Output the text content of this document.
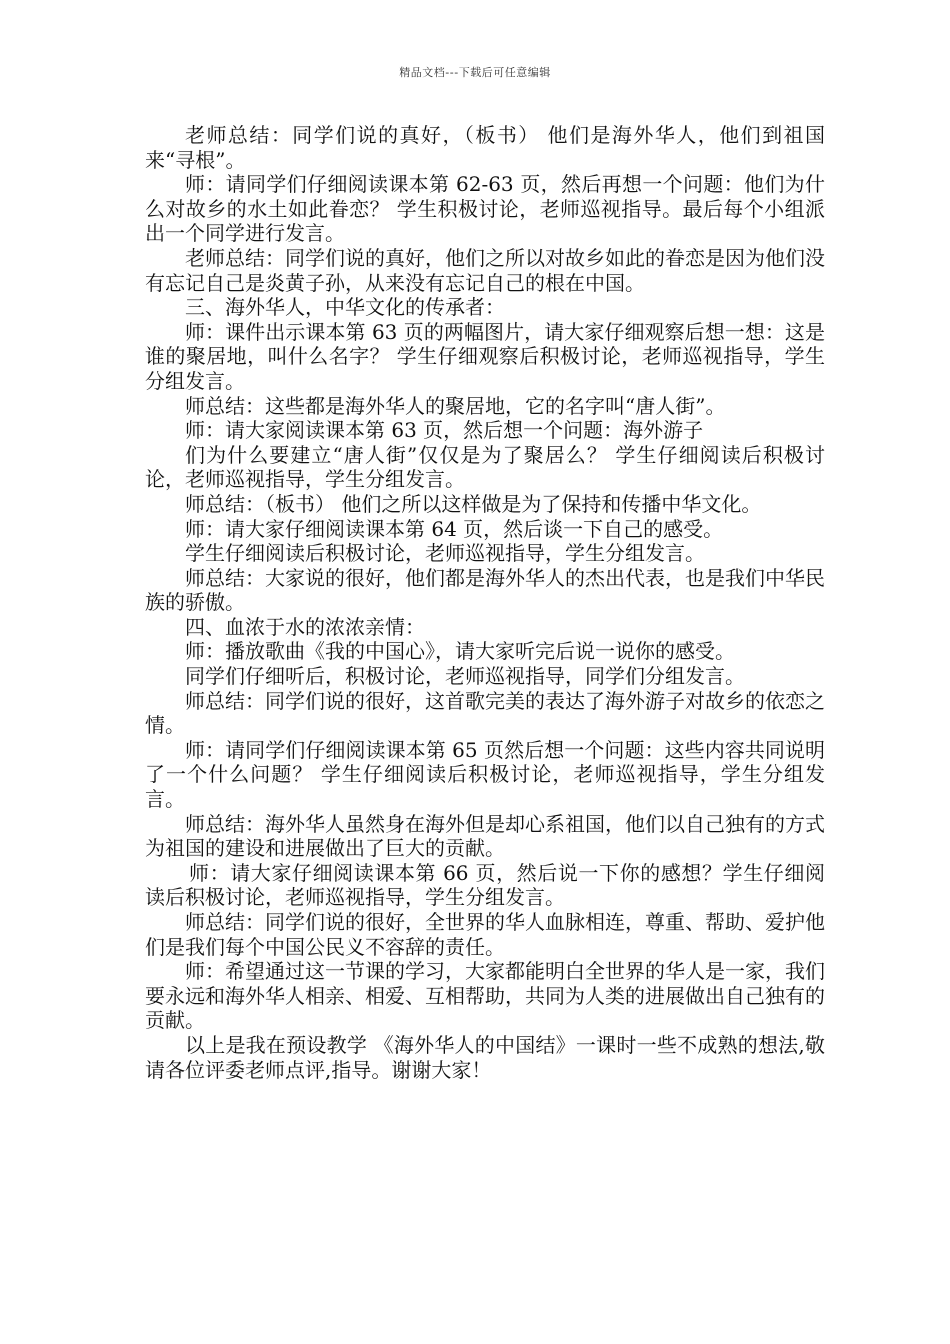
精品文档---下载后可任意编辑

老师总结：同学们说的真好，（板书） 他们是海外华人，他们到祖国来“寻根”。

师：请同学们仔细阅读课本第 62-63 页，然后再想一个问题：他们为什么对故乡的水土如此眷恋？ 学生积极讨论，老师巡视指导。最后每个小组派出一个同学进行发言。

老师总结：同学们说的真好，他们之所以对故乡如此的眷恋是因为他们没有忘记自己是炎黄子孙，从来没有忘记自己的根在中国。

三、海外华人，中华文化的传承者：

师：课件出示课本第 63 页的两幅图片，请大家仔细观察后想一想：这是谁的聚居地，叫什么名字？ 学生仔细观察后积极讨论，老师巡视指导，学生分组发言。

师总结：这些都是海外华人的聚居地，它的名字叫“唐人街”。

师：请大家阅读课本第 63 页，然后想一个问题：海外游子

们为什么要建立“唐人街”仅仅是为了聚居么？ 学生仔细阅读后积极讨论，老师巡视指导，学生分组发言。

师总结：（板书） 他们之所以这样做是为了保持和传播中华文化。

师：请大家仔细阅读课本第 64 页，然后谈一下自己的感受。

学生仔细阅读后积极讨论，老师巡视指导，学生分组发言。

师总结：大家说的很好，他们都是海外华人的杰出代表，也是我们中华民族的骄傲。

四、血浓于水的浓浓亲情：

师：播放歌曲《我的中国心》，请大家听完后说一说你的感受。

同学们仔细听后，积极讨论，老师巡视指导，同学们分组发言。

师总结：同学们说的很好，这首歌完美的表达了海外游子对故乡的依恋之情。

师：请同学们仔细阅读课本第 65 页然后想一个问题：这些内容共同说明了一个什么问题？ 学生仔细阅读后积极讨论，老师巡视指导，学生分组发言。

师总结：海外华人虽然身在海外但是却心系祖国，他们以自己独有的方式为祖国的建设和进展做出了巨大的贡献。

师：请大家仔细阅读课本第 66 页，然后说一下你的感想？学生仔细阅读后积极讨论，老师巡视指导，学生分组发言。

师总结：同学们说的很好，全世界的华人血脉相连，尊重、帮助、爱护他们是我们每个中国公民义不容辞的责任。

师：希望通过这一节课的学习，大家都能明白全世界的华人是一家，我们要永远和海外华人相亲、相爱、互相帮助，共同为人类的进展做出自己独有的贡献。

以上是我在预设教学 《海外华人的中国结》一课时一些不成熟的想法,敬请各位评委老师点评,指导。谢谢大家！
